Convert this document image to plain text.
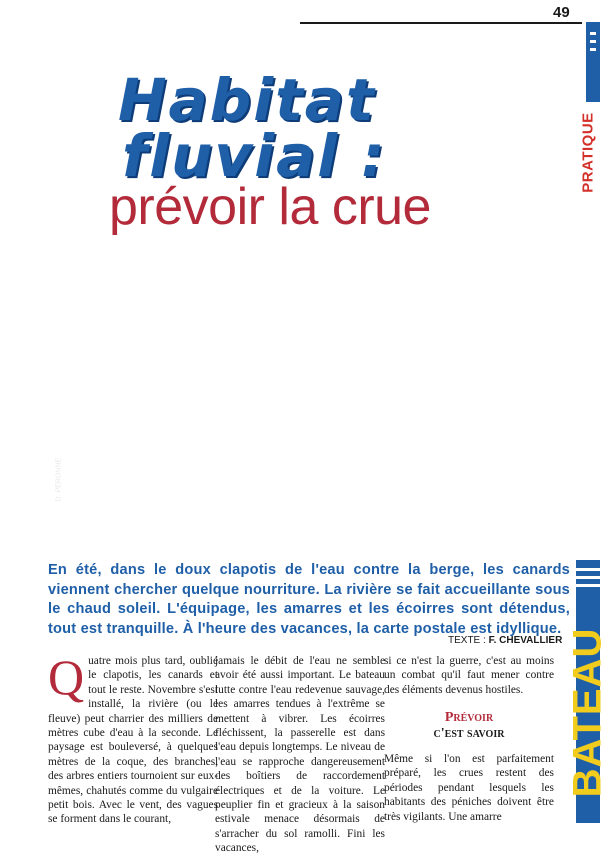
49
PRATIQUE
NY 3 7283
D. PERONNE
Crue de la Seine à Paris en janvier 1994. L'accès au bateau s'effectue par l'échelle appuyée sur le pont de l'Archevêché.
Habitat
fluvial :
prévoir la crue
En été, dans le doux clapotis de l'eau contre la berge, les canards viennent chercher quelque nourriture. La rivière se fait accueillante sous le chaud soleil. L'équipage, les amarres et les écoirres sont détendus, tout est tranquille. À l'heure des vacances, la carte postale est idyllique.
TEXTE : F. CHEVALLIER
Q uatre mois plus tard, oublié le clapotis, les canards et tout le reste. Novembre s'est installé, la rivière (ou le fleuve) peut charrier des milliers de mètres cube d'eau à la seconde. Le paysage est bouleversé, à quelques mètres de la coque, des branches, des arbres entiers tournoient sur eux-mêmes, chahutés comme du vulgaire petit bois. Avec le vent, des vagues se forment dans le courant,
jamais le débit de l'eau ne semble avoir été aussi important. Le bateau lutte contre l'eau redevenue sauvage, les amarres tendues à l'extrême se mettent à vibrer. Les écoirres fléchissent, la passerelle est dans l'eau depuis longtemps. Le niveau de l'eau se rapproche dangereusement des boîtiers de raccordement électriques et de la voiture. Le peuplier fin et gracieux à la saison estivale menace désormais de s'arracher du sol ramolli. Fini les vacances,
si ce n'est la guerre, c'est au moins un combat qu'il faut mener contre des éléments devenus hostiles.
Prévoir
c'est savoir
Même si l'on est parfaitement préparé, les crues restent des périodes pendant lesquels les habitants des péniches doivent être très vigilants. Une amarre
BATEAU
